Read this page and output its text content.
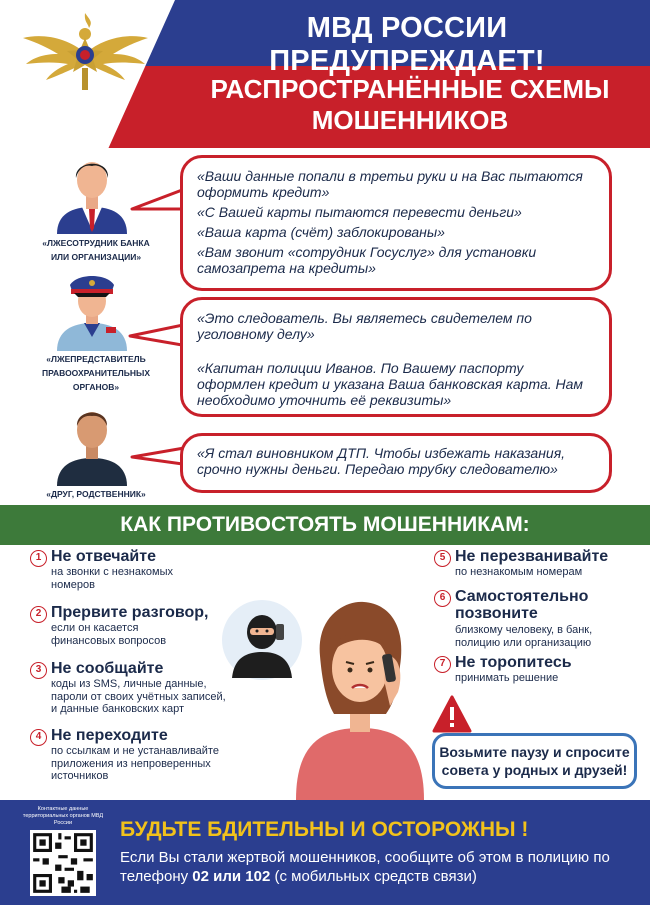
МВД РОССИИ ПРЕДУПРЕЖДАЕТ!
РАСПРОСТРАНЁННЫЕ СХЕМЫ
МОШЕННИКОВ
«ЛЖЕСОТРУДНИК БАНКА
ИЛИ ОРГАНИЗАЦИИ»
«ЛЖЕПРЕДСТАВИТЕЛЬ
ПРАВООХРАНИТЕЛЬНЫХ
ОРГАНОВ»
«ДРУГ, РОДСТВЕННИК»

«Ваши данные попали в третьи руки и на Вас пытаются оформить кредит»

«С Вашей карты пытаются перевести деньги»

«Ваша карта (счёт) заблокированы»

«Вам звонит «сотрудник Госуслуг» для установки самозапрета на кредиты»

«Это следователь. Вы являетесь свидетелем по уголовному делу»

«Капитан полиции Иванов. По Вашему паспорту оформлен кредит и указана Ваша банковская карта. Нам необходимо уточнить её реквизиты»

«Я стал виновником ДТП. Чтобы избежать наказания, срочно нужны деньги. Передаю трубку следователю»

КАК ПРОТИВОСТОЯТЬ МОШЕННИКАМ:
1 Не отвечайте
на звонки с незнакомых номеров
2 Прервите разговор,
если он касается финансовых вопросов
3 Не сообщайте
коды из SMS, личные данные, пароли от своих учётных записей, и данные банковских карт
4 Не переходите
по ссылкам и не устанавливайте приложения из непроверенных источников
5 Не перезванивайте
по незнакомым номерам
6 Самостоятельно позвоните
близкому человеку, в банк, полицию или организацию
7 Не торопитесь
принимать решение
Возьмите паузу и спросите совета у родных и друзей!
Контактные данные территориальных органов МВД России	БУДЬТЕ БДИТЕЛЬНЫ И ОСТОРОЖНЫ !
Если Вы стали жертвой мошенников, сообщите об этом в полицию по телефону 02 или 102 (с мобильных средств связи)
